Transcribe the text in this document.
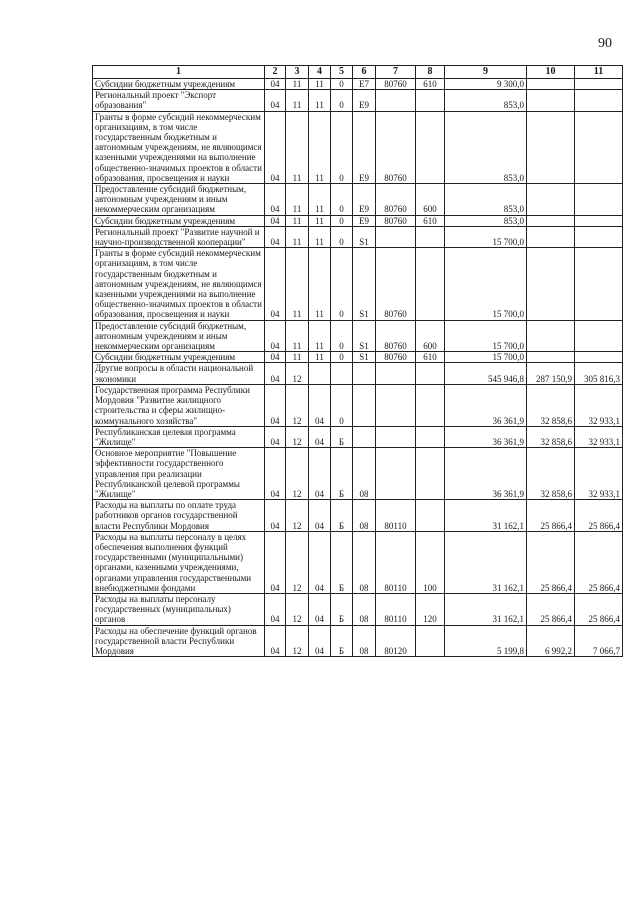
90
1	2	3	4	5	6	7	8	9	10	11
Субсидии бюджетным учреждениям	04	11	11	0	E7	80760	610	9 300,0		
Региональный проект "Экспорт образования"	04	11	11	0	E9			853,0		
Гранты в форме субсидий некоммерческим организациям, в том числе государственным бюджетным и автономным учреждениям, не являющимся казенными учреждениями на выполнение общественно-значимых проектов в области образования, просвещения и науки	04	11	11	0	E9	80760		853,0		
Предоставление субсидий бюджетным, автономным учреждениям и иным некоммерческим организациям	04	11	11	0	E9	80760	600	853,0		
Субсидии бюджетным учреждениям	04	11	11	0	E9	80760	610	853,0		
Региональный проект "Развитие научной и научно-производственной кооперации"	04	11	11	0	S1			15 700,0		
Гранты в форме субсидий некоммерческим организациям, в том числе государственным бюджетным и автономным учреждениям, не являющимся казенными учреждениями на выполнение общественно-значимых проектов в области образования, просвещения и науки	04	11	11	0	S1	80760		15 700,0		
Предоставление субсидий бюджетным, автономным учреждениям и иным некоммерческим организациям	04	11	11	0	S1	80760	600	15 700,0		
Субсидии бюджетным учреждениям	04	11	11	0	S1	80760	610	15 700,0		
Другие вопросы в области национальной экономики	04	12						545 946,8	287 150,9	305 816,3
Государственная программа Республики Мордовия "Развитие жилищного строительства и сферы жилищно-коммунального хозяйства"	04	12	04	0				36 361,9	32 858,6	32 933,1
Республиканская целевая программа "Жилище"	04	12	04	Б				36 361,9	32 858,6	32 933,1
Основное мероприятие "Повышение эффективности государственного управления при реализации Республиканской целевой программы "Жилище"	04	12	04	Б	08			36 361,9	32 858,6	32 933,1
Расходы на выплаты по оплате труда работников органов государственной власти Республики Мордовия	04	12	04	Б	08	80110		31 162,1	25 866,4	25 866,4
Расходы на выплаты персоналу в целях обеспечения выполнения функций государственными (муниципальными) органами, казенными учреждениями, органами управления государственными внебюджетными фондами	04	12	04	Б	08	80110	100	31 162,1	25 866,4	25 866,4
Расходы на выплаты персоналу государственных (муниципальных) органов	04	12	04	Б	08	80110	120	31 162,1	25 866,4	25 866,4
Расходы на обеспечение функций органов государственной власти Республики Мордовия	04	12	04	Б	08	80120		5 199,8	6 992,2	7 066,7
